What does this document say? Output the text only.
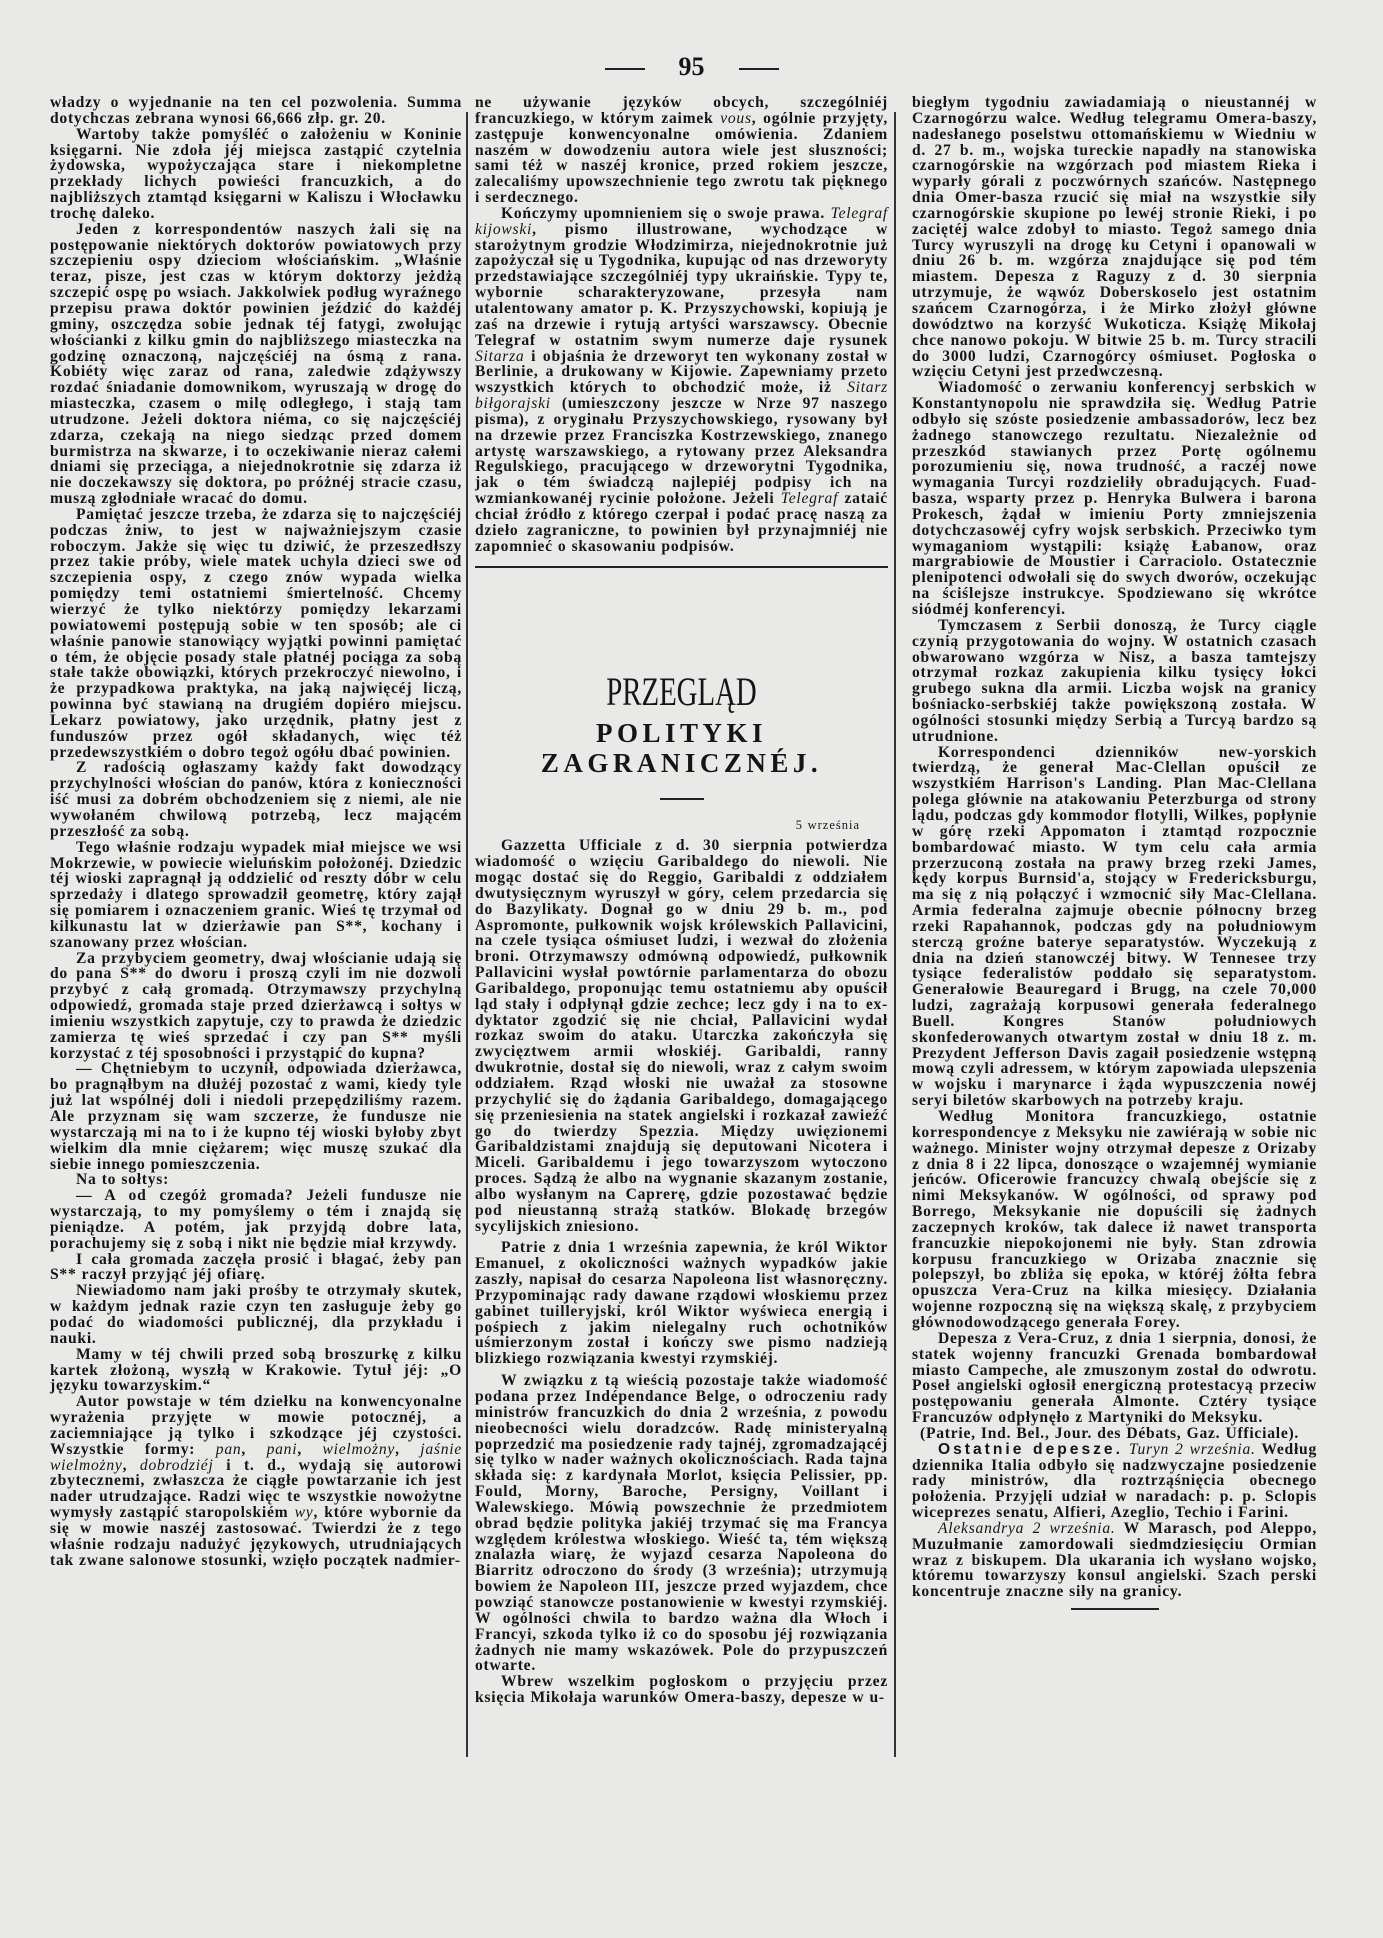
95

władzy o wyjednanie na ten cel pozwolenia. Summa dotychczas zebrana wynosi 66,666 złp. gr. 20.

Wartoby także pomyśléć o założeniu w Koninie księgarni. Nie zdoła jéj miejsca zastąpić czytelnia żydowska, wypożyczająca stare i niekompletne przekłady lichych powieści francuzkich, a do najbliższych ztamtąd księgarni w Kaliszu i Włocławku trochę daleko.

Jeden z korrespondentów naszych żali się na postępowanie niektórych doktorów powiatowych przy szczepieniu ospy dzieciom włościańskim. „Właśnie teraz, pisze, jest czas w którym doktorzy jeżdżą szczepić ospę po wsiach. Jakkolwiek podług wyraźnego przepisu prawa doktór powinien jeździć do każdéj gminy, oszczędza sobie jednak téj fatygi, zwołując włościanki z kilku gmin do najbliższego miasteczka na godzinę oznaczoną, najczęściéj na ósmą z rana. Kobiéty więc zaraz od rana, zaledwie zdążywszy rozdać śniadanie domownikom, wyruszają w drogę do miasteczka, czasem o milę odległego, i stają tam utrudzone. Jeżeli doktora niéma, co się najczęściéj zdarza, czekają na niego siedząc przed domem burmistrza na skwarze, i to oczekiwanie nieraz całemi dniami się przeciąga, a niejednokrotnie się zdarza iż nie doczekawszy się doktora, po próżnéj stracie czasu, muszą zgłodniałe wracać do domu.

Pamiętać jeszcze trzeba, że zdarza się to najczęściéj podczas żniw, to jest w najważniejszym czasie roboczym. Jakże się więc tu dziwić, że przeszedłszy przez takie próby, wiele matek uchyla dzieci swe od szczepienia ospy, z czego znów wypada wielka pomiędzy temi ostatniemi śmiertelność. Chcemy wierzyć że tylko niektórzy pomiędzy lekarzami powiatowemi postępują sobie w ten sposób; ale ci właśnie panowie stanowiący wyjątki powinni pamiętać o tém, że objęcie posady stale płatnéj pociąga za sobą stałe także obowiązki, których przekroczyć niewolno, i że przypadkowa praktyka, na jaką najwięcéj liczą, powinna być stawianą na drugiém dopiéro miejscu. Lekarz powiatowy, jako urzędnik, płatny jest z funduszów przez ogół składanych, więc téż przedewszystkiém o dobro tegoż ogółu dbać powinien.

Z radością ogłaszamy każdy fakt dowodzący przychylności włościan do panów, która z konieczności iść musi za dobrém obchodzeniem się z niemi, ale nie wywołaném chwilową potrzebą, lecz mającém przeszłość za sobą.

Tego właśnie rodzaju wypadek miał miejsce we wsi Mokrzewie, w powiecie wieluńskim położonéj. Dziedzic téj wioski zapragnął ją oddzielić od reszty dóbr w celu sprzedaży i dlatego sprowadził geometrę, który zajął się pomiarem i oznaczeniem granic. Wieś tę trzymał od kilkunastu lat w dzierżawie pan S**, kochany i szanowany przez włościan.

Za przybyciem geometry, dwaj włościanie udają się do pana S** do dworu i proszą czyli im nie dozwoli przybyć z całą gromadą. Otrzymawszy przychylną odpowiedź, gromada staje przed dzierżawcą i sołtys w imieniu wszystkich zapytuje, czy to prawda że dziedzic zamierza tę wieś sprzedać i czy pan S** myśli korzystać z téj sposobności i przystąpić do kupna?

— Chętniebym to uczynił, odpowiada dzierżawca, bo pragnąłbym na dłużéj pozostać z wami, kiedy tyle już lat wspólnéj doli i niedoli przepędziliśmy razem. Ale przyznam się wam szczerze, że fundusze nie wystarczają mi na to i że kupno téj wioski byłoby zbyt wielkim dla mnie ciężarem; więc muszę szukać dla siebie innego pomieszczenia.

Na to sołtys:

— A od czegóż gromada? Jeżeli fundusze nie wystarczają, to my pomyślemy o tém i znajdą się pieniądze. A potém, jak przyjdą dobre lata, porachujemy się z sobą i nikt nie będzie miał krzywdy.

I cała gromada zaczęła prosić i błagać, żeby pan S** raczył przyjąć jéj ofiarę.

Niewiadomo nam jaki prośby te otrzymały skutek, w każdym jednak razie czyn ten zasługuje żeby go podać do wiadomości publicznéj, dla przykładu i nauki.

Mamy w téj chwili przed sobą broszurkę z kilku kartek złożoną, wyszłą w Krakowie. Tytuł jéj: „O języku towarzyskim.“

Autor powstaje w tém dziełku na konwencyonalne wyrażenia przyjęte w mowie potocznéj, a zaciemniające ją tylko i szkodzące jéj czystości. Wszystkie formy: pan, pani, wielmożny, jaśnie wielmożny, dobrodziéj i t. d., wydają się autorowi zbytecznemi, zwłaszcza że ciągłe powtarzanie ich jest nader utrudzające. Radzi więc te wszystkie nowożytne wymysły zastąpić staropolskiém wy, które wybornie da się w mowie naszéj zastosować. Twierdzi że z tego właśnie rodzaju nadużyć językowych, utrudniających tak zwane salonowe stosunki, wzięło początek nadmier-

ne używanie języków obcych, szczególniéj francuzkiego, w którym zaimek vous, ogólnie przyjęty, zastępuje konwencyonalne omówienia. Zdaniem naszém w dowodzeniu autora wiele jest słuszności; sami téż w naszéj kronice, przed rokiem jeszcze, zalecaliśmy upowszechnienie tego zwrotu tak pięknego i serdecznego.

Kończymy upomnieniem się o swoje prawa. Telegraf kijowski, pismo illustrowane, wychodzące w starożytnym grodzie Włodzimirza, niejednokrotnie już zapożyczał się u Tygodnika, kupując od nas drzeworyty przedstawiające szczególniéj typy ukraińskie. Typy te, wybornie scharakteryzowane, przesyła nam utalentowany amator p. K. Przyszychowski, kopiują je zaś na drzewie i rytują artyści warszawscy. Obecnie Telegraf w ostatnim swym numerze daje rysunek Sitarza i objaśnia że drzeworyt ten wykonany został w Berlinie, a drukowany w Kijowie. Zapewniamy przeto wszystkich których to obchodzić może, iż Sitarz biłgorajski (umieszczony jeszcze w Nrze 97 naszego pisma), z oryginału Przyszychowskiego, rysowany był na drzewie przez Franciszka Kostrzewskiego, znanego artystę warszawskiego, a rytowany przez Aleksandra Regulskiego, pracującego w drzeworytni Tygodnika, jak o tém świadczą najlepiéj podpisy ich na wzmiankowanéj rycinie położone. Jeżeli Telegraf zataić chciał źródło z którego czerpał i podać pracę naszą za dzieło zagraniczne, to powinien był przynajmniéj nie zapomnieć o skasowaniu podpisów.

PRZEGLĄD
POLITYKI ZAGRANICZNÉJ.
5 września

Gazzetta Ufficiale z d. 30 sierpnia potwierdza wiadomość o wzięciu Garibaldego do niewoli. Nie mogąc dostać się do Reggio, Garibaldi z oddziałem dwutysięcznym wyruszył w góry, celem przedarcia się do Bazylikaty. Dognał go w dniu 29 b. m., pod Aspromonte, pułkownik wojsk królewskich Pallavicini, na czele tysiąca ośmiuset ludzi, i wezwał do złożenia broni. Otrzymawszy odmówną odpowiedź, pułkownik Pallavicini wysłał powtórnie parlamentarza do obozu Garibaldego, proponując temu ostatniemu aby opuścił ląd stały i odpłynął gdzie zechce; lecz gdy i na to ex-dyktator zgodzić się nie chciał, Pallavicini wydał rozkaz swoim do ataku. Utarczka zakończyła się zwycięztwem armii włoskiéj. Garibaldi, ranny dwukrotnie, dostał się do niewoli, wraz z całym swoim oddziałem. Rząd włoski nie uważał za stosowne przychylić się do żądania Garibaldego, domagającego się przeniesienia na statek angielski i rozkazał zawieźć go do twierdzy Spezzia. Między uwięzionemi Garibaldzistami znajdują się deputowani Nicotera i Miceli. Garibaldemu i jego towarzyszom wytoczono proces. Sądzą że albo na wygnanie skazanym zostanie, albo wysłanym na Caprerę, gdzie pozostawać będzie pod nieustanną strażą statków. Blokadę brzegów sycylijskich zniesiono.

Patrie z dnia 1 września zapewnia, że król Wiktor Emanuel, z okoliczności ważnych wypadków jakie zaszły, napisał do cesarza Napoleona list własnoręczny. Przypominając rady dawane rządowi włoskiemu przez gabinet tuilleryjski, król Wiktor wyświeca energią i pośpiech z jakim nielegalny ruch ochotników uśmierzonym został i kończy swe pismo nadzieją blizkiego rozwiązania kwestyi rzymskiéj.

W związku z tą wieścią pozostaje także wiadomość podana przez Indépendance Belge, o odroczeniu rady ministrów francuzkich do dnia 2 września, z powodu nieobecności wielu doradzców. Radę ministeryalną poprzedzić ma posiedzenie rady tajnéj, zgromadzającéj się tylko w nader ważnych okolicznościach. Rada tajna składa się: z kardynała Morlot, księcia Pelissier, pp. Fould, Morny, Baroche, Persigny, Voillant i Walewskiego. Mówią powszechnie że przedmiotem obrad będzie polityka jakiéj trzymać się ma Francya względem królestwa włoskiego. Wieść ta, tém większą znalazła wiarę, że wyjazd cesarza Napoleona do Biarritz odroczono do środy (3 września); utrzymują bowiem że Napoleon III, jeszcze przed wyjazdem, chce powziąć stanowcze postanowienie w kwestyi rzymskiéj. W ogólności chwila to bardzo ważna dla Włoch i Francyi, szkoda tylko iż co do sposobu jéj rozwiązania żadnych nie mamy wskazówek. Pole do przypuszczeń otwarte.

Wbrew wszelkim pogłoskom o przyjęciu przez księcia Mikołaja warunków Omera-baszy, depesze w u-

biegłym tygodniu zawiadamiają o nieustannéj w Czarnogórzu walce. Według telegramu Omera-baszy, nadesłanego poselstwu ottomańskiemu w Wiedniu w d. 27 b. m., wojska tureckie napadły na stanowiska czarnogórskie na wzgórzach pod miastem Rieka i wyparły górali z poczwórnych szańców. Następnego dnia Omer-basza rzucić się miał na wszystkie siły czarnogórskie skupione po lewéj stronie Rieki, i po zaciętéj walce zdobył to miasto. Tegoż samego dnia Turcy wyruszyli na drogę ku Cetyni i opanowali w dniu 26 b. m. wzgórza znajdujące się pod tém miastem. Depesza z Raguzy z d. 30 sierpnia utrzymuje, że wąwóz Doberskoselo jest ostatnim szańcem Czarnogórza, i że Mirko złożył główne dowództwo na korzyść Wukoticza. Książę Mikołaj chce nanowo pokoju. W bitwie 25 b. m. Turcy stracili do 3000 ludzi, Czarnogórcy ośmiuset. Pogłoska o wzięciu Cetyni jest przedwczesną.

Wiadomość o zerwaniu konferencyj serbskich w Konstantynopolu nie sprawdziła się. Według Patrie odbyło się szóste posiedzenie ambassadorów, lecz bez żadnego stanowczego rezultatu. Niezależnie od przeszkód stawianych przez Portę ogólnemu porozumieniu się, nowa trudność, a raczéj nowe wymagania Turcyi rozdzieliły obradujących. Fuad-basza, wsparty przez p. Henryka Bulwera i barona Prokesch, żądał w imieniu Porty zmniejszenia dotychczasowéj cyfry wojsk serbskich. Przeciwko tym wymaganiom wystąpili: książę Łabanow, oraz margrabiowie de Moustier i Carraciolo. Ostatecznie plenipotenci odwołali się do swych dworów, oczekując na ściślejsze instrukcye. Spodziewano się wkrótce siódméj konferencyi.

Tymczasem z Serbii donoszą, że Turcy ciągle czynią przygotowania do wojny. W ostatnich czasach obwarowano wzgórza w Nisz, a basza tamtejszy otrzymał rozkaz zakupienia kilku tysięcy łokci grubego sukna dla armii. Liczba wojsk na granicy bośniacko-serbskiéj także powiększoną została. W ogólności stosunki między Serbią a Turcyą bardzo są utrudnione.

Korrespondenci dzienników new-yorskich twierdzą, że generał Mac-Clellan opuścił ze wszystkiém Harrison's Landing. Plan Mac-Clellana polega głównie na atakowaniu Peterzburga od strony lądu, podczas gdy kommodor flotylli, Wilkes, popłynie w górę rzeki Appomaton i ztamtąd rozpocznie bombardować miasto. W tym celu cała armia przerzuconą została na prawy brzeg rzeki James, kędy korpus Burnsid'a, stojący w Fredericksburgu, ma się z nią połączyć i wzmocnić siły Mac-Clellana. Armia federalna zajmuje obecnie północny brzeg rzeki Rapahannok, podczas gdy na południowym sterczą groźne baterye separatystów. Wyczekują z dnia na dzień stanowczéj bitwy. W Tennesee trzy tysiące federalistów poddało się separatystom. Generałowie Beauregard i Brugg, na czele 70,000 ludzi, zagrażają korpusowi generała federalnego Buell. Kongres Stanów południowych skonfederowanych otwartym został w dniu 18 z. m. Prezydent Jefferson Davis zagaił posiedzenie wstępną mową czyli adressem, w którym zapowiada ulepszenia w wojsku i marynarce i żąda wypuszczenia nowéj seryi biletów skarbowych na potrzeby kraju.

Według Monitora francuzkiego, ostatnie korrespondencye z Meksyku nie zawiérają w sobie nic ważnego. Minister wojny otrzymał depesze z Orizaby z dnia 8 i 22 lipca, donoszące o wzajemnéj wymianie jeńców. Oficerowie francuzcy chwalą obejście się z nimi Meksykanów. W ogólności, od sprawy pod Borrego, Meksykanie nie dopuścili się żadnych zaczepnych kroków, tak dalece iż nawet transporta francuzkie niepokojonemi nie były. Stan zdrowia korpusu francuzkiego w Orizaba znacznie się polepszył, bo zbliża się epoka, w któréj żółta febra opuszcza Vera-Cruz na kilka miesięcy. Działania wojenne rozpoczną się na większą skalę, z przybyciem głównodowodzącego generała Forey.

Depesza z Vera-Cruz, z dnia 1 sierpnia, donosi, że statek wojenny francuzki Grenada bombardował miasto Campeche, ale zmuszonym został do odwrotu. Poseł angielski ogłosił energiczną protestacyą przeciw postępowaniu generała Almonte. Cztéry tysiące Francuzów odpłynęło z Martyniki do Meksyku.

(Patrie, Ind. Bel., Jour. des Débats, Gaz. Ufficiale).

Ostatnie depesze. Turyn 2 września. Według dziennika Italia odbyło się nadzwyczajne posiedzenie rady ministrów, dla roztrząśnięcia obecnego położenia. Przyjęli udział w naradach: p. p. Sclopis wiceprezes senatu, Alfieri, Azeglio, Techio i Farini.

Aleksandrya 2 września. W Marasch, pod Aleppo, Muzułmanie zamordowali siedmdziesięciu Ormian wraz z biskupem. Dla ukarania ich wysłano wojsko, któremu towarzyszy konsul angielski. Szach perski koncentruje znaczne siły na granicy.
